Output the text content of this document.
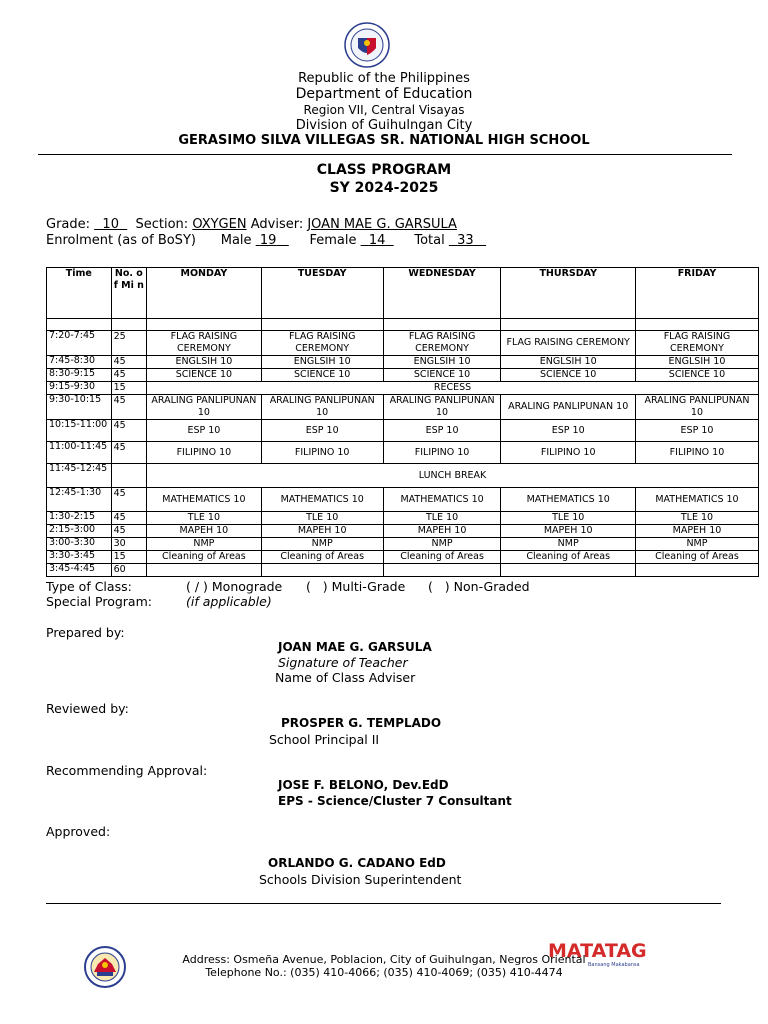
Republic of the Philippines
Department of Education
Region VII, Central Visayas
Division of Guihulngan City
GERASIMO SILVA VILLEGAS SR. NATIONAL HIGH SCHOOL
CLASS PROGRAM
SY 2024-2025
Grade:   10 Section: OXYGEN Adviser: JOAN MAE G. GARSULA
Enrolment (as of BoSY) Male  19	Female   14 Total   33
Time	No. of Mi n	MONDAY	TUESDAY	WEDNESDAY	THURSDAY	FRIDAY

7:20-7:45	25	FLAG RAISING CEREMONY	FLAG RAISING CEREMONY	FLAG RAISING CEREMONY	FLAG RAISING CEREMONY	FLAG RAISING CEREMONY
7:45-8:30	45	ENGLSIH 10	ENGLSIH 10	ENGLSIH 10	ENGLSIH 10	ENGLSIH 10
8:30-9:15	45	SCIENCE 10	SCIENCE 10	SCIENCE 10	SCIENCE 10	SCIENCE 10
9:15-9:30	15	RECESS				
9:30-10:15	45	ARALING PANLIPUNAN 10	ARALING PANLIPUNAN 10	ARALING PANLIPUNAN 10	ARALING PANLIPUNAN 10	ARALING PANLIPUNAN 10
10:15-11:00	45	ESP 10	ESP 10	ESP 10	ESP 10	ESP 10
11:00-11:45	45	FILIPINO 10	FILIPINO 10	FILIPINO 10	FILIPINO 10	FILIPINO 10
11:45-12:45		LUNCH BREAK				
12:45-1:30	45	MATHEMATICS 10	MATHEMATICS 10	MATHEMATICS 10	MATHEMATICS 10	MATHEMATICS 10
1:30-2:15	45	TLE 10	TLE 10	TLE 10	TLE 10	TLE 10
2:15-3:00	45	MAPEH 10	MAPEH 10	MAPEH 10	MAPEH 10	MAPEH 10
3:00-3:30	30	NMP	NMP	NMP	NMP	NMP
3:30-3:45	15	Cleaning of Areas	Cleaning of Areas	Cleaning of Areas	Cleaning of Areas	Cleaning of Areas
3:45-4:45	60					
Type of Class:	( / ) Monograde (   ) Multi-Grade (   ) Non-Graded
Special Program:	(if applicable)
Prepared by:
JOAN MAE G. GARSULA
Signature of Teacher
Name of Class Adviser
Reviewed by:
PROSPER G. TEMPLADO
School Principal II
Recommending Approval:
JOSE F. BELONO, Dev.EdD
EPS - Science/Cluster 7 Consultant
Approved:
ORLANDO G. CADANO EdD
Schools Division Superintendent
MATATAG
Bansang Makabansa
Address: Osmeña Avenue, Poblacion, City of Guihulngan, Negros Oriental
Telephone No.: (035) 410-4066; (035) 410-4069; (035) 410-4474
